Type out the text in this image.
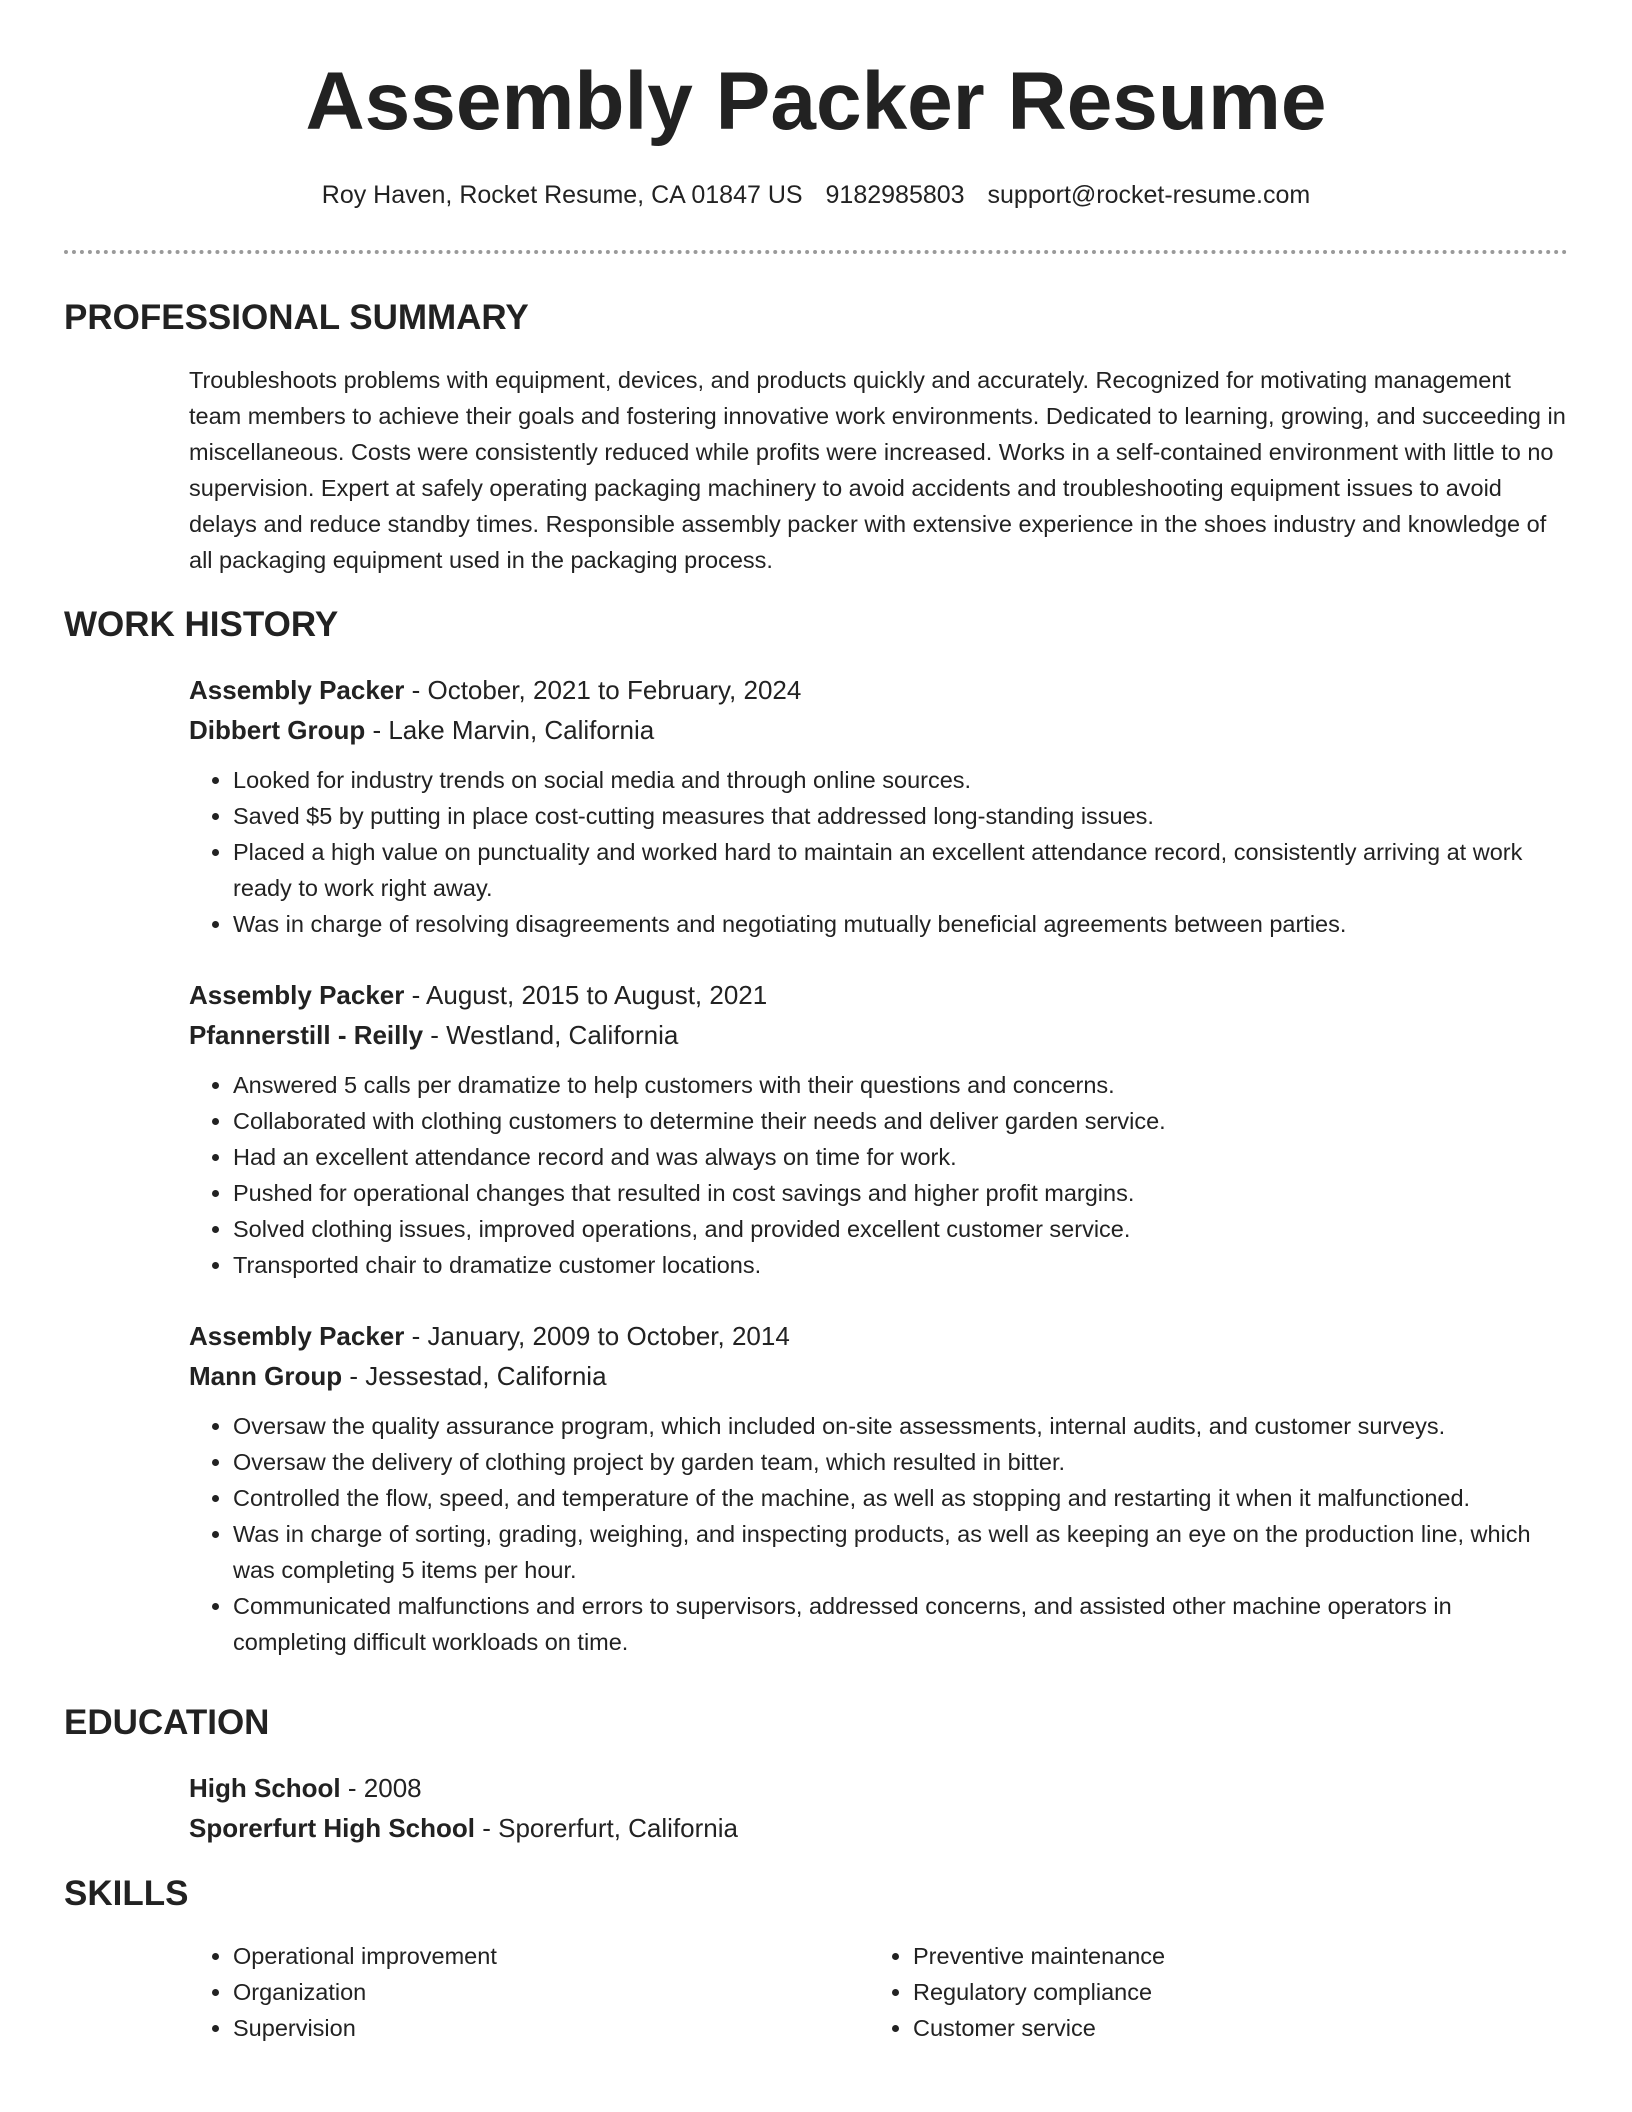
Assembly Packer Resume
Roy Haven, Rocket Resume, CA 01847 US 9182985803 support@rocket-resume.com
PROFESSIONAL SUMMARY

Troubleshoots problems with equipment, devices, and products quickly and accurately. Recognized for motivating management team members to achieve their goals and fostering innovative work environments. Dedicated to learning, growing, and succeeding in miscellaneous. Costs were consistently reduced while profits were increased. Works in a self-contained environment with little to no supervision. Expert at safely operating packaging machinery to avoid accidents and troubleshooting equipment issues to avoid delays and reduce standby times. Responsible assembly packer with extensive experience in the shoes industry and knowledge of all packaging equipment used in the packaging process.

WORK HISTORY

Assembly Packer - October, 2021 to February, 2024

Dibbert Group - Lake Marvin, California

• Looked for industry trends on social media and through online sources.
• Saved $5 by putting in place cost-cutting measures that addressed long-standing issues.
• Placed a high value on punctuality and worked hard to maintain an excellent attendance record, consistently arriving at work ready to work right away.
• Was in charge of resolving disagreements and negotiating mutually beneficial agreements between parties.

Assembly Packer - August, 2015 to August, 2021

Pfannerstill - Reilly - Westland, California

• Answered 5 calls per dramatize to help customers with their questions and concerns.
• Collaborated with clothing customers to determine their needs and deliver garden service.
• Had an excellent attendance record and was always on time for work.
• Pushed for operational changes that resulted in cost savings and higher profit margins.
• Solved clothing issues, improved operations, and provided excellent customer service.
• Transported chair to dramatize customer locations.

Assembly Packer - January, 2009 to October, 2014

Mann Group - Jessestad, California

• Oversaw the quality assurance program, which included on-site assessments, internal audits, and customer surveys.
• Oversaw the delivery of clothing project by garden team, which resulted in bitter.
• Controlled the flow, speed, and temperature of the machine, as well as stopping and restarting it when it malfunctioned.
• Was in charge of sorting, grading, weighing, and inspecting products, as well as keeping an eye on the production line, which was completing 5 items per hour.
• Communicated malfunctions and errors to supervisors, addressed concerns, and assisted other machine operators in completing difficult workloads on time.
EDUCATION

High School - 2008

Sporerfurt High School - Sporerfurt, California

SKILLS
• Operational improvement
• Organization
• Supervision
• Preventive maintenance
• Regulatory compliance
• Customer service
